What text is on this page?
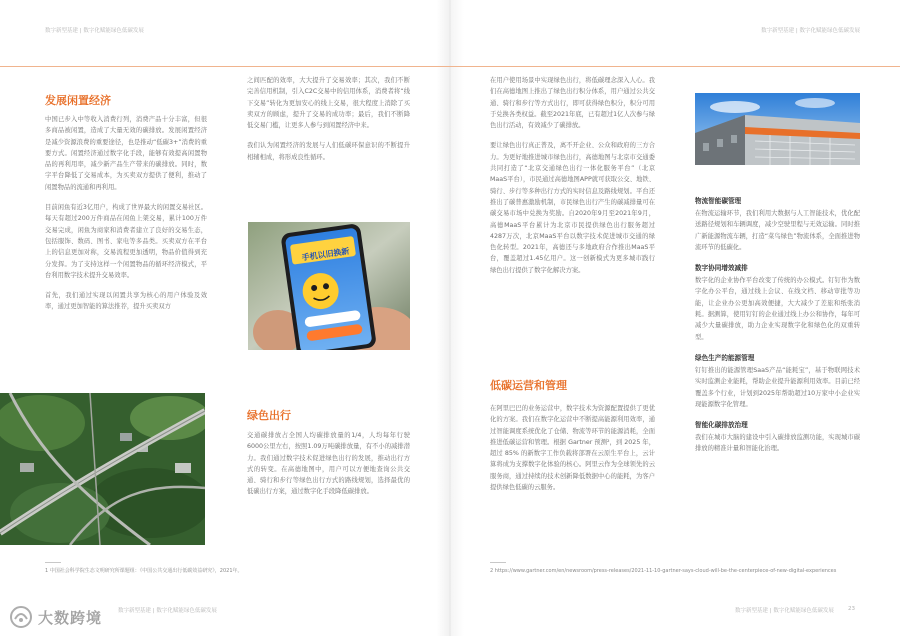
数字新型基建 | 数字化赋能绿色低碳发展	数字新型基建 | 数字化赋能绿色低碳发展
发展闲置经济

中国已步入中等收入消费行列，消费产品十分丰富，但很多商品被闲置，造成了大量无效的碳排放。发展闲置经济是减少资源浪费的重要途径，也是推动“低碳3+”消费的重要方式。闲置经济通过数字化手段，能够有效提高闲置物品的再利用率，减少新产品生产带来的碳排放。同时，数字平台降低了交易成本，为买卖双方提供了便利，推动了闲置物品的流通和再利用。

目前闲鱼有近3亿用户，构成了世界最大的闲置交易社区。每天有超过200万件商品在闲鱼上架交易，累计100万件交易完成，闲鱼为商家和消费者建立了良好的交易生态，包括服饰、数码、图书、家电等多品类。买卖双方在平台上的信息更加对称，交易流程更加透明，物品价值得到充分发挥。为了支持这样一个闲置物品的循环经济模式，平台利用数字技术提升交易效率。

首先，我们通过实现以闲置共享为核心的用户体验及效率，通过更加智能的算法推荐，提升买卖双方

之间匹配的效率，大大提升了交易效率；其次，我们不断完善信用机制，引入C2C交易中的信用体系，消费者将“线下交易”转化为更加安心的线上交易，很大程度上消除了买卖双方的顾虑，提升了交易的成功率；最后，我们不断降低交易门槛，让更多人参与到闲置经济中来。

我们认为闲置经济的发展与人们低碳环保意识的不断提升相辅相成，将形成良性循环。

手机以旧换新
绿色出行

交通碳排放占全国人均碳排放量的1/4，人均每年行驶6000公里左右，按照1.09万吨碳排放量，有不小的减排潜力。我们通过数字技术促进绿色出行的发展，推动出行方式的转变。在高德地图中，用户可以方便地查询公共交通、骑行和步行等绿色出行方式的路线规划，选择最优的低碳出行方案，通过数字化手段降低碳排放。

在用户使用场景中实现绿色出行，将低碳理念深入人心。我们在高德地图上推出了绿色出行积分体系，用户通过公共交通、骑行和步行等方式出行，即可获得绿色积分，积分可用于兑换各类权益。截至2021年底，已有超过1亿人次参与绿色出行活动，有效减少了碳排放。

要让绿色出行真正普及，离不开企业、公众和政府的三方合力。为更好地推进城市绿色出行，高德地图与北京市交通委共同打造了“北京交通绿色出行一体化服务平台”（北京MaaS平台），市民通过高德地图APP就可获取公交、地铁、骑行、步行等多种出行方式的实时信息及路线规划。平台还推出了碳普惠激励机制，市民绿色出行产生的碳减排量可在碳交易市场中兑换为奖励。自2020年9月至2021年9月，高德MaaS平台累计为北京市民提供绿色出行服务超过4287万次，北京MaaS平台以数字技术促进城市交通的绿色化转型。2021年，高德还与多地政府合作推出MaaS平台，覆盖超过1.45亿用户。这一创新模式为更多城市践行绿色出行提供了数字化解决方案。

低碳运营和管理

在阿里巴巴的业务运营中，数字技术为资源配置提供了更优化的方案。我们在数字化运营中不断提高能源利用效率，通过智能调度系统优化了仓储、物流等环节的能源消耗，全面推进低碳运营和管理。根据 Gartner 预测²，到 2025 年，超过 85% 的新数字工作负载将部署在云原生平台上，云计算将成为支撑数字化体验的核心。阿里云作为全球领先的云服务商，通过持续的技术创新降低数据中心的能耗，为客户提供绿色低碳的云服务。

物流智能碳管理

在物流运输环节，我们利用大数据与人工智能技术，优化配送路径规划和车辆调度，减少空驶里程与无效运输。同时推广新能源物流车辆，打造“菜鸟绿色”物流体系，全面推进物流环节的低碳化。

数字协同增效减排

数字化的企业协作平台改变了传统的办公模式。钉钉作为数字化办公平台，通过线上会议、在线文档、移动审批等功能，让企业办公更加高效便捷，大大减少了差旅和纸张消耗。据测算，使用钉钉的企业通过线上办公和协作，每年可减少大量碳排放，助力企业实现数字化和绿色化的双重转型。

绿色生产的能源管理

钉钉推出的能源管理SaaS产品“能耗宝”，基于物联网技术实时监测企业能耗，帮助企业提升能源利用效率。目前已经覆盖多个行业，计划到2025年帮助超过10万家中小企业实现能源数字化管理。

智能化碳排放治理

我们在城市大脑的建设中引入碳排放监测功能，实现城市碳排放的精准计量和智能化治理。

1 中国社会科学院生态文明研究所课题组：《中国公共交通出行低碳效益研究》，2021年。	2 https://www.gartner.com/en/newsroom/press-releases/2021-11-10-gartner-says-cloud-will-be-the-centerpiece-of-new-digital-experiences
数字新型基建 | 数字化赋能绿色低碳发展	数字新型基建 | 数字化赋能绿色低碳发展	23
大数跨境
